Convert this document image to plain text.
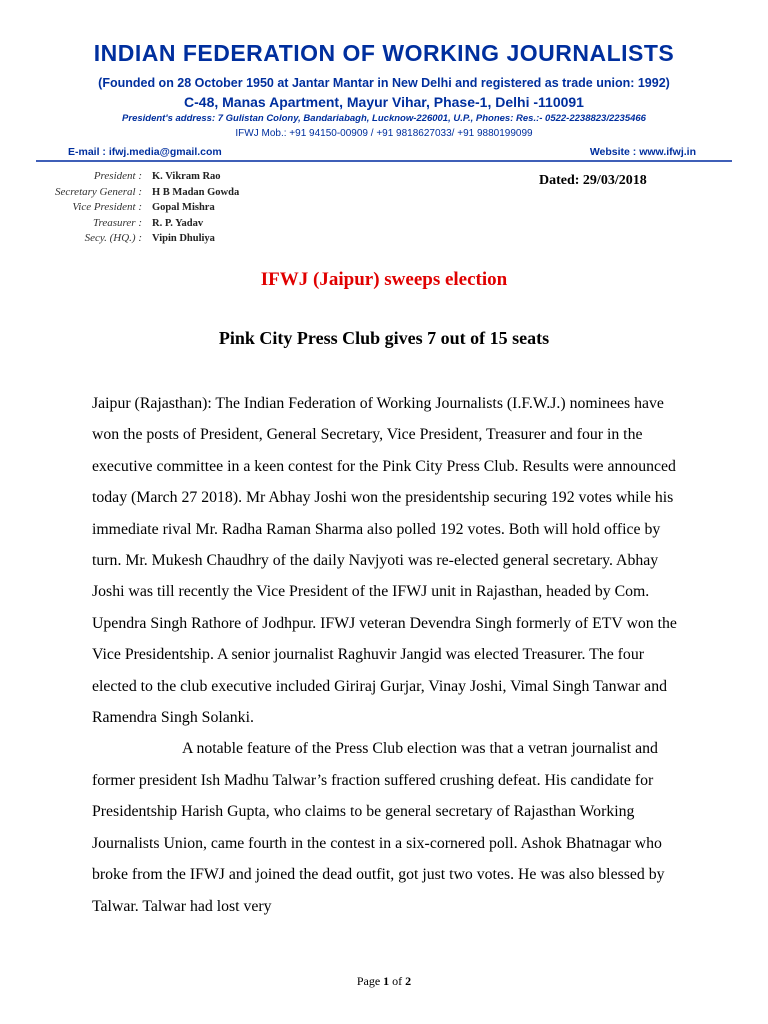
INDIAN FEDERATION OF WORKING JOURNALISTS
(Founded on 28 October 1950 at Jantar Mantar in New Delhi and registered as trade union: 1992)
C-48, Manas Apartment, Mayur Vihar, Phase-1, Delhi -110091
President's address: 7 Gulistan Colony, Bandariabagh, Lucknow-226001, U.P., Phones: Res.:- 0522-2238823/2235466
IFWJ Mob.: +91 94150-00909 / +91 9818627033/ +91 9880199099
E-mail : ifwj.media@gmail.com	Website : www.ifwj.in
President : K. Vikram Rao
Secretary General : H B Madan Gowda
Vice President : Gopal Mishra
Treasurer : R. P. Yadav
Secy. (HQ.) : Vipin Dhuliya
Dated: 29/03/2018
IFWJ (Jaipur) sweeps election
Pink City Press Club gives 7 out of 15 seats

Jaipur (Rajasthan): The Indian Federation of Working Journalists (I.F.W.J.) nominees have won the posts of President, General Secretary, Vice President, Treasurer and four in the executive committee in a keen contest for the Pink City Press Club. Results were announced today (March 27 2018). Mr Abhay Joshi won the presidentship securing 192 votes while his immediate rival Mr. Radha Raman Sharma also polled 192 votes. Both will hold office by turn. Mr. Mukesh Chaudhry of the daily Navjyoti was re-elected general secretary. Abhay Joshi was till recently the Vice President of the IFWJ unit in Rajasthan, headed by Com. Upendra Singh Rathore of Jodhpur. IFWJ veteran Devendra Singh formerly of ETV won the Vice Presidentship. A senior journalist Raghuvir Jangid was elected Treasurer. The four elected to the club executive included Giriraj Gurjar, Vinay Joshi, Vimal Singh Tanwar and Ramendra Singh Solanki.

A notable feature of the Press Club election was that a vetran journalist and former president Ish Madhu Talwar’s fraction suffered crushing defeat. His candidate for Presidentship Harish Gupta, who claims to be general secretary of Rajasthan Working Journalists Union, came fourth in the contest in a six-cornered poll. Ashok Bhatnagar who broke from the IFWJ and joined the dead outfit, got just two votes. He was also blessed by Talwar. Talwar had lost very

Page 1 of 2
